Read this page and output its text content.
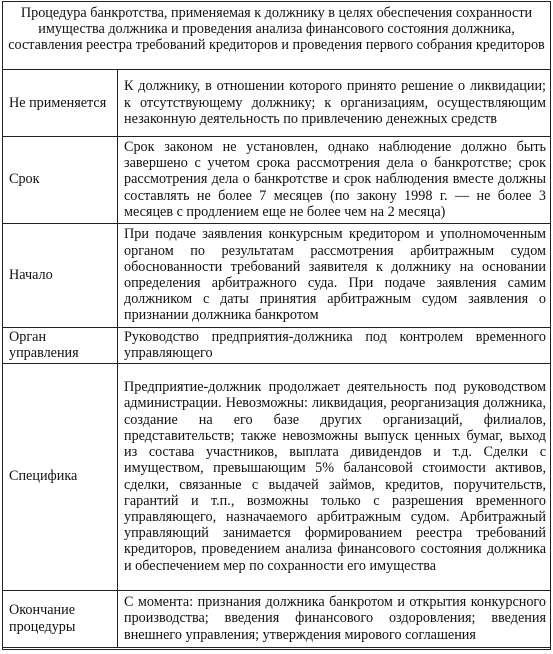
Процедура банкротства, применяемая к должнику в целях обеспечения сохранности имущества должника и проведения анализа финансового состояния должника, составления реестра требований кредиторов и проведения первого собрания кредиторов
Не применяется	К должнику, в отношении которого принято решение о ликвидации; к отсутствующему должнику; к организациям, осуществляющим незаконную деятельность по привлечению денежных средств
Срок	Срок законом не установлен, однако наблюдение должно быть завершено с учетом срока рассмотрения дела о банкротстве; срок рассмотрения дела о банкротстве и срок наблюдения вместе должны составлять не более 7 месяцев (по закону 1998 г. — не более 3 месяцев с продлением еще не более чем на 2 месяца)
Начало	При подаче заявления конкурсным кредитором и уполномоченным органом по результатам рассмотрения арбитражным судом обоснованности требований заявителя к должнику на основании определения арбитражного суда. При подаче заявления самим должником с даты принятия арбитражным судом заявления о признании должника банкротом
Орган управления	Руководство предприятия-должника под контролем временного управляющего
Специфика	Предприятие-должник продолжает деятельность под руководством администрации. Невозможны: ликвидация, реорганизация должника, создание на его базе других организаций, филиалов, представительств; также невозможны выпуск ценных бумаг, выход из состава участников, выплата дивидендов и т.д. Сделки с имуществом, превышающим 5% балансовой стоимости активов, сделки, связанные с выдачей займов, кредитов, поручительств, гарантий и т.п., возможны только с разрешения временного управляющего, назначаемого арбитражным судом. Арбитражный управляющий занимается формированием реестра требований кредиторов, проведением анализа финансового состояния должника и обеспечением мер по сохранности его имущества
Окончание процедуры	С момента: признания должника банкротом и открытия конкурсного производства; введения финансового оздоровления; введения внешнего управления; утверждения мирового соглашения
